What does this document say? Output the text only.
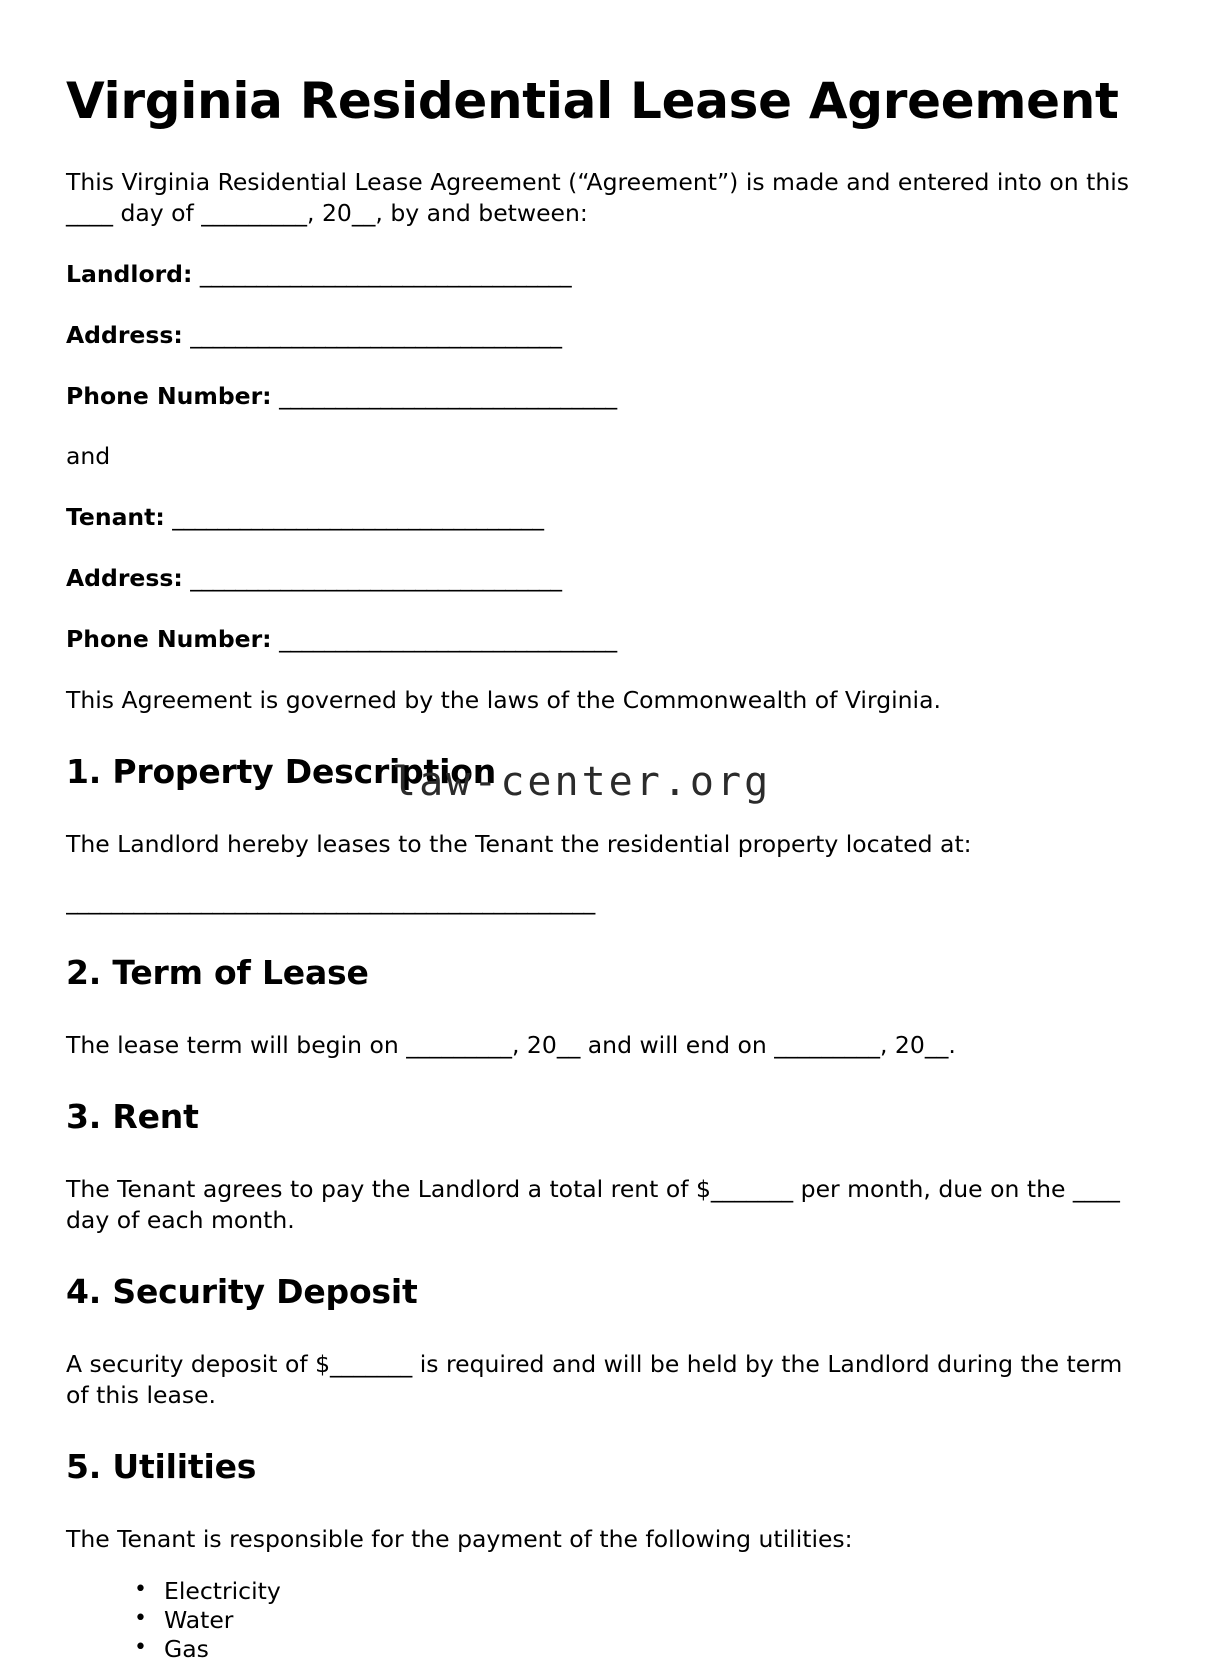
Virginia Residential Lease Agreement

This Virginia Residential Lease Agreement (“Agreement”) is made and entered into on this ____ day of _________, 20__, by and between:

Landlord: _________________________________

Address: _________________________________

Phone Number: ______________________________

and

Tenant: _________________________________

Address: _________________________________

Phone Number: ______________________________

This Agreement is governed by the laws of the Commonwealth of Virginia.

1. Property Description

The Landlord hereby leases to the Tenant the residential property located at:

_______________________________________________

2. Term of Lease

The lease term will begin on _________, 20__ and will end on _________, 20__.

3. Rent

The Tenant agrees to pay the Landlord a total rent of $_______ per month, due on the ____ day of each month.

4. Security Deposit

A security deposit of $_______ is required and will be held by the Landlord during the term of this lease.

5. Utilities

The Tenant is responsible for the payment of the following utilities:

• Electricity
• Water
• Gas
law-center.org
